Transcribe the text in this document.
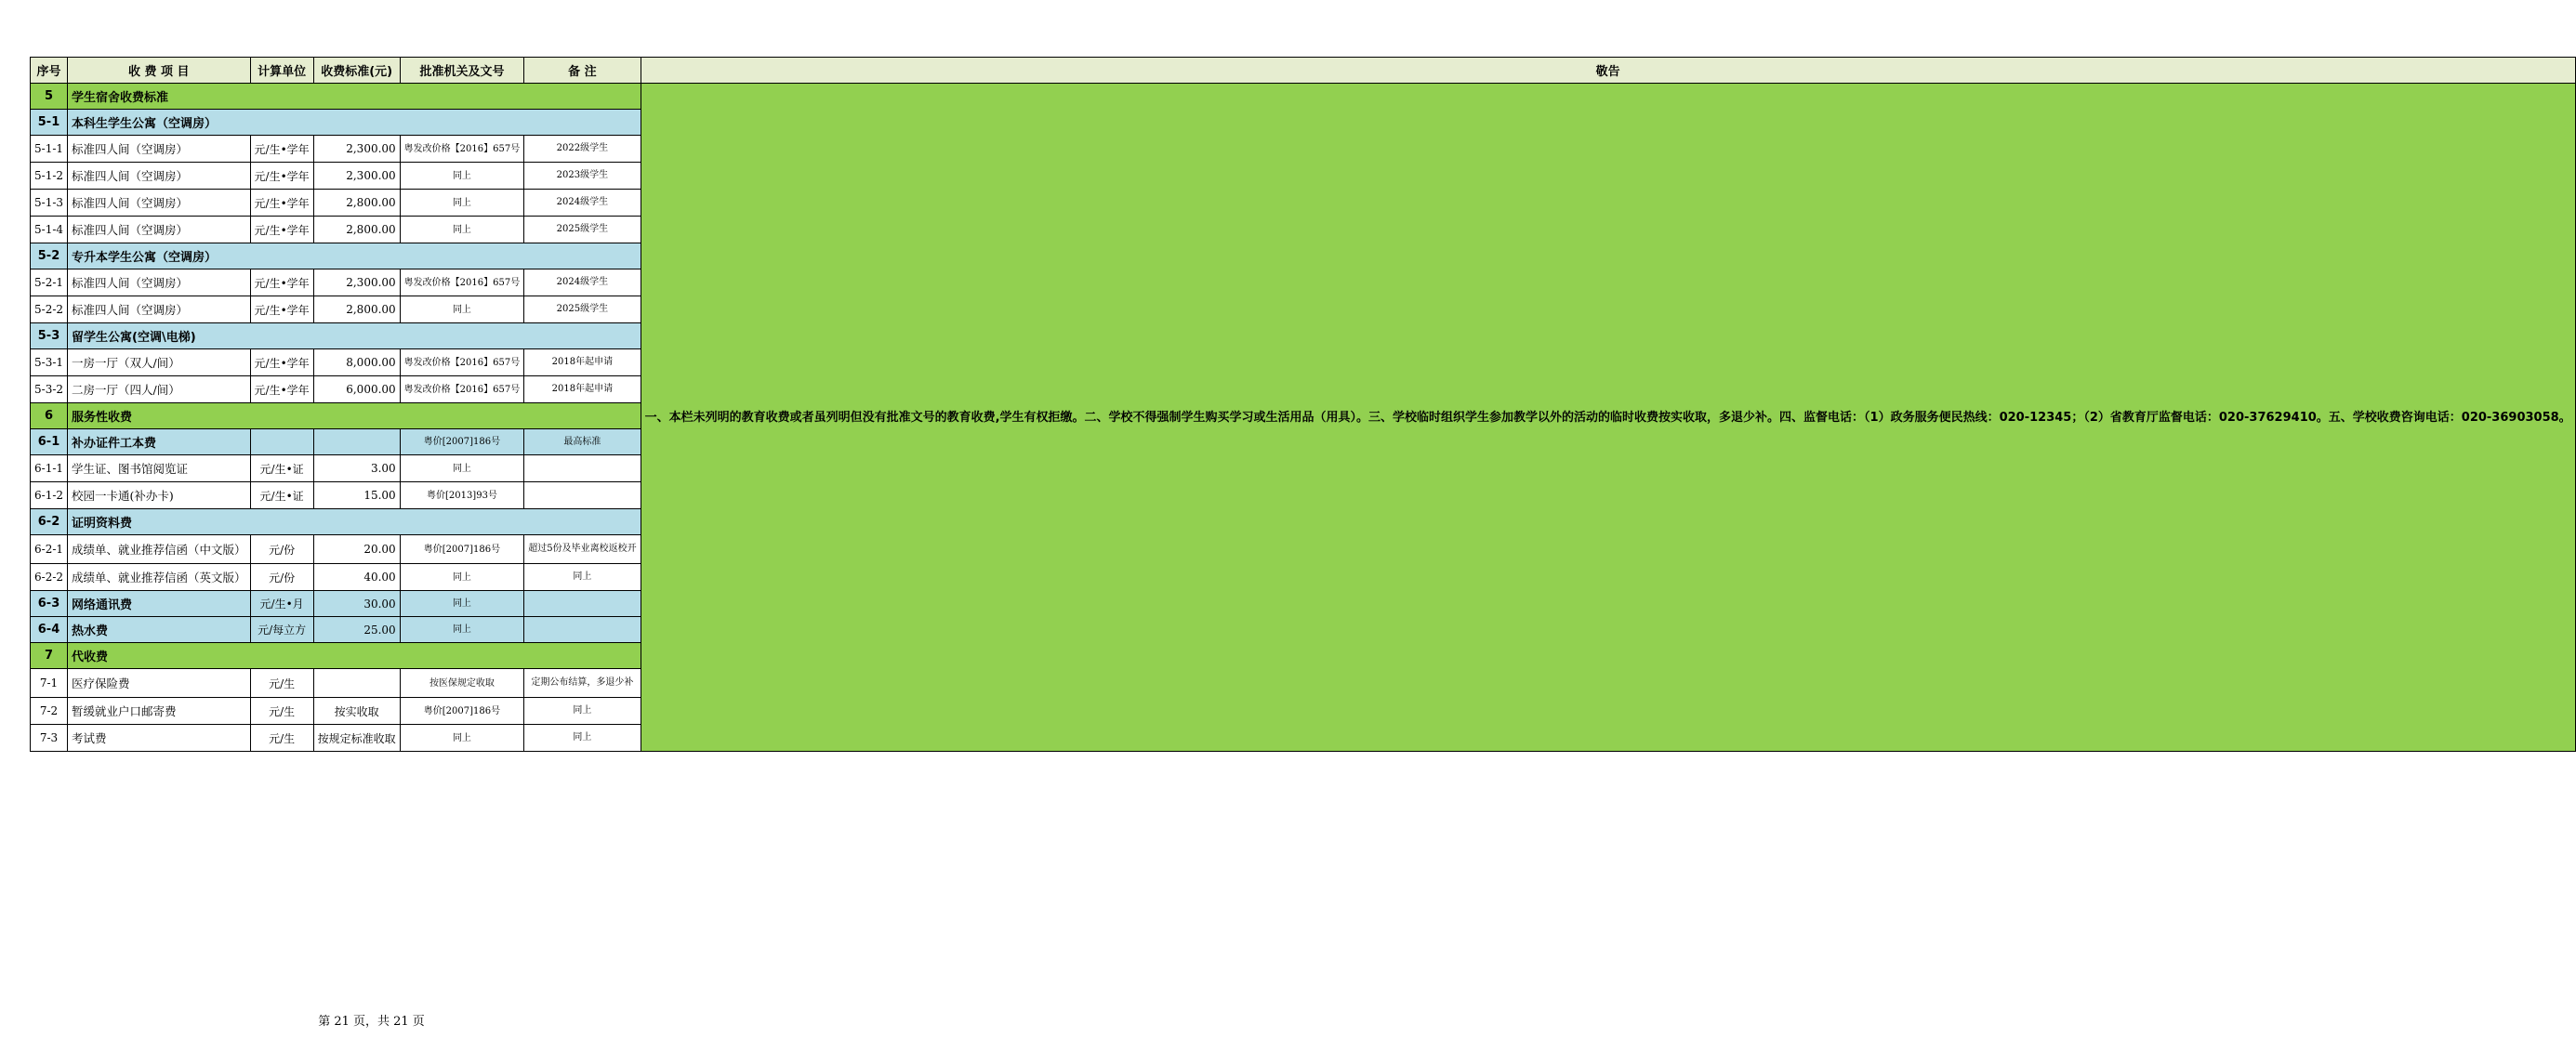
序号	收 费 项 目	计算单位	收费标准(元)	批准机关及文号	备 注	敬告
5	学生宿舍收费标准					一、本栏未列明的教育收费或者虽列明但没有批准文号的教育收费,学生有权拒缴。二、学校不得强制学生购买学习或生活用品（用具）。三、学校临时组织学生参加教学以外的活动的临时收费按实收取，多退少补。四、监督电话：（1）政务服务便民热线：020-12345；（2）省教育厅监督电话：020-37629410。五、学校收费咨询电话：020-36903058。
5-1	本科生学生公寓（空调房）					
5-1-1	标准四人间（空调房）	元/生•学年	2,300.00	粤发改价格【2016】657号	2022级学生	
5-1-2	标准四人间（空调房）	元/生•学年	2,300.00	同上	2023级学生	
5-1-3	标准四人间（空调房）	元/生•学年	2,800.00	同上	2024级学生	
5-1-4	标准四人间（空调房）	元/生•学年	2,800.00	同上	2025级学生	
5-2	专升本学生公寓（空调房）					
5-2-1	标准四人间（空调房）	元/生•学年	2,300.00	粤发改价格【2016】657号	2024级学生	
5-2-2	标准四人间（空调房）	元/生•学年	2,800.00	同上	2025级学生	
5-3	留学生公寓(空调\电梯)					
5-3-1	一房一厅（双人/间）	元/生•学年	8,000.00	粤发改价格【2016】657号	2018年起申请	
5-3-2	二房一厅（四人/间）	元/生•学年	6,000.00	粤发改价格【2016】657号	2018年起申请	
6	服务性收费					
6-1	补办证件工本费			粤价[2007]186号	最高标准	
6-1-1	学生证、图书馆阅览证	元/生•证	3.00	同上		
6-1-2	校园一卡通(补办卡)	元/生•证	15.00	粤价[2013]93号		
6-2	证明资料费					
6-2-1	成绩单、就业推荐信函（中文版）	元/份	20.00	粤价[2007]186号	超过5份及毕业离校返校开	
6-2-2	成绩单、就业推荐信函（英文版）	元/份	40.00	同上	同上	
6-3	网络通讯费	元/生•月	30.00	同上		
6-4	热水费	元/每立方	25.00	同上		
7	代收费					
7-1	医疗保险费	元/生		按医保规定收取	定期公布结算，多退少补	
7-2	暂缓就业户口邮寄费	元/生	按实收取	粤价[2007]186号	同上	
7-3	考试费	元/生	按规定标准收取	同上	同上	
第 21 页，共 21 页
